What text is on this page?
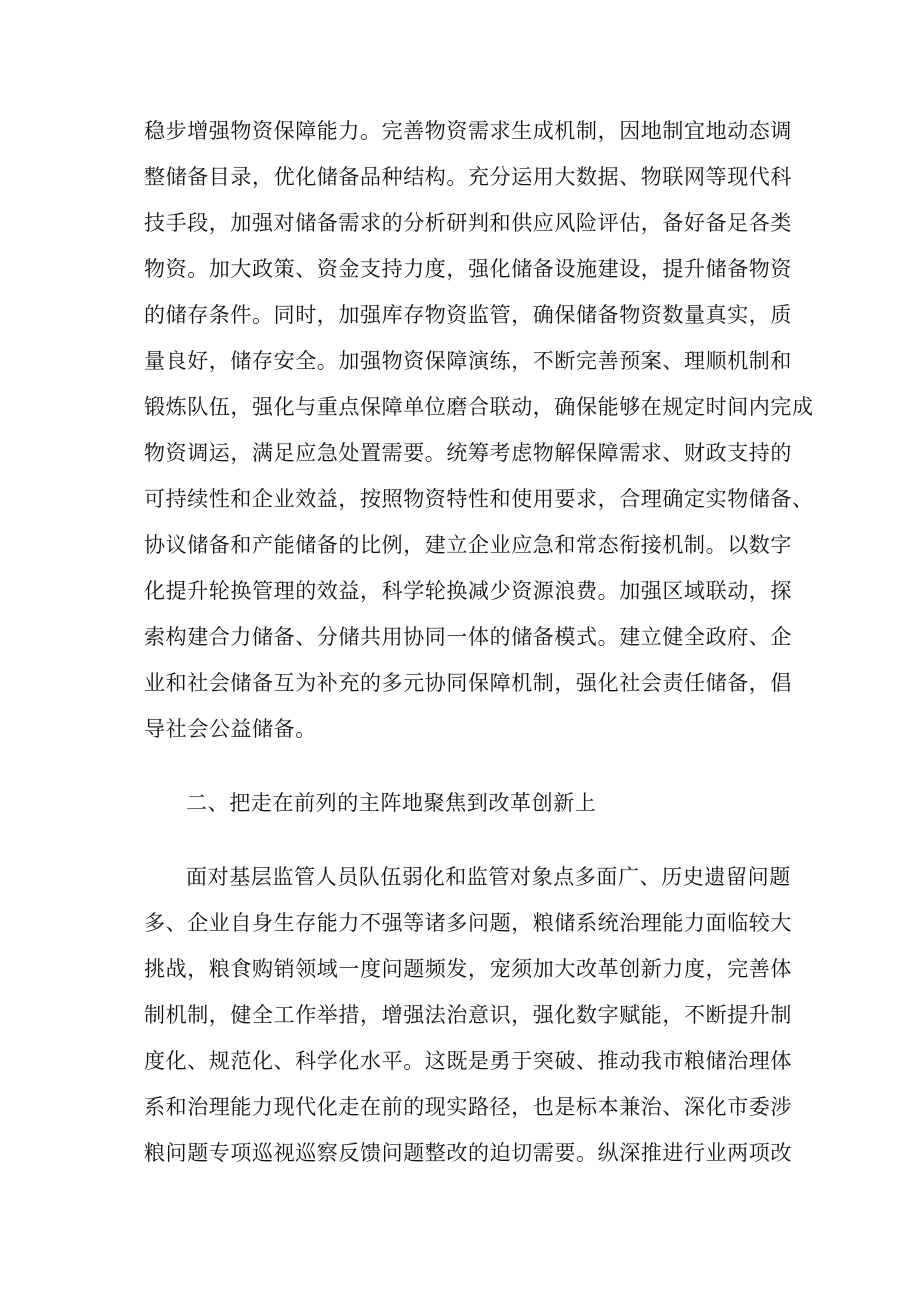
稳步增强物资保障能力。完善物资需求生成机制，因地制宜地动态调
整储备目录，优化储备品种结构。充分运用大数据、物联网等现代科
技手段，加强对储备需求的分析研判和供应风险评估，备好备足各类
物资。加大政策、资金支持力度，强化储备设施建设，提升储备物资
的储存条件。同时，加强库存物资监管，确保储备物资数量真实，质
量良好，储存安全。加强物资保障演练，不断完善预案、理顺机制和
锻炼队伍，强化与重点保障单位磨合联动，确保能够在规定时间内完成
物资调运，满足应急处置需要。统筹考虑物解保障需求、财政支持的
可持续性和企业效益，按照物资特性和使用要求，合理确定实物储备、
协议储备和产能储备的比例，建立企业应急和常态衔接机制。以数字
化提升轮换管理的效益，科学轮换减少资源浪费。加强区域联动，探
索构建合力储备、分储共用协同一体的储备模式。建立健全政府、企
业和社会储备互为补充的多元协同保障机制，强化社会责任储备，倡
导社会公益储备。
二、把走在前列的主阵地聚焦到改革创新上
面对基层监管人员队伍弱化和监管对象点多面广、历史遗留问题
多、企业自身生存能力不强等诸多问题，粮储系统治理能力面临较大
挑战，粮食购销领域一度问题频发，宠须加大改革创新力度，完善体
制机制，健全工作举措，增强法治意识，强化数字赋能，不断提升制
度化、规范化、科学化水平。这既是勇于突破、推动我市粮储治理体
系和治理能力现代化走在前的现实路径，也是标本兼治、深化市委涉
粮问题专项巡视巡察反馈问题整改的迫切需要。纵深推进行业两项改
